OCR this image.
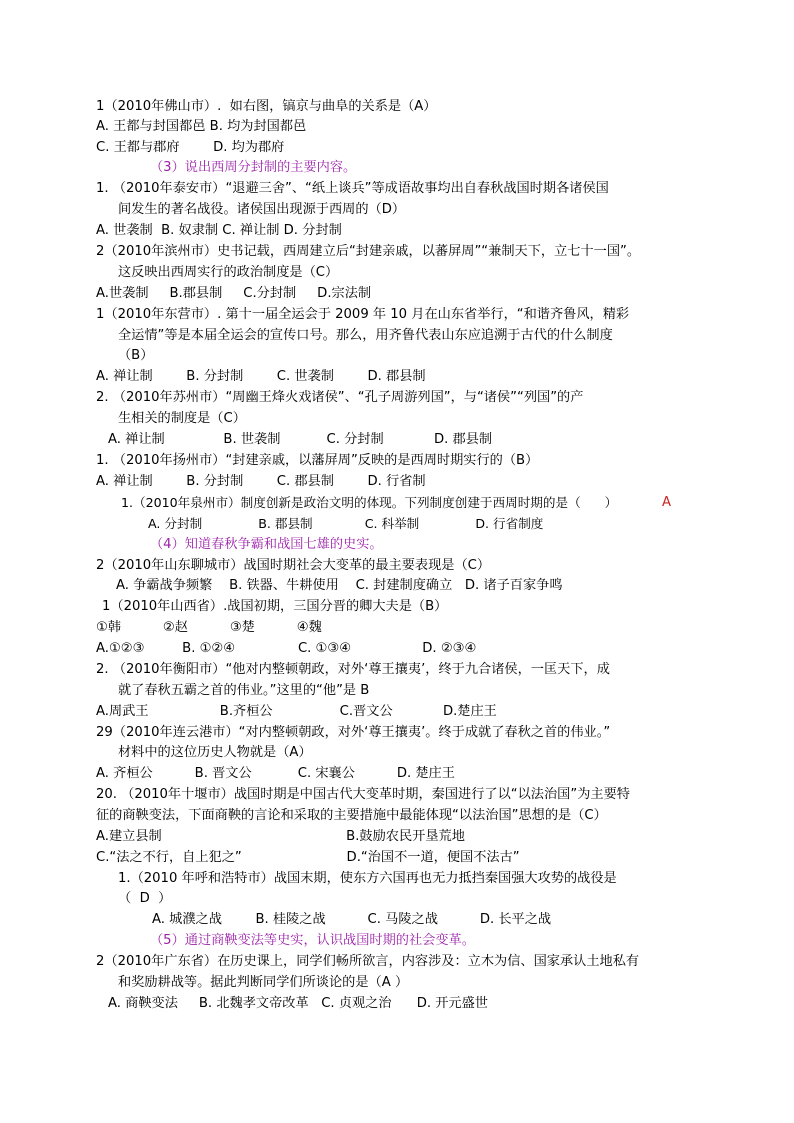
1（2010年佛山市）.  如右图，镐京与曲阜的关系是（A）
A. 王都与封国都邑 B. 均为封国都邑
C. 王都与郡府        D. 均为郡府
（3）说出西周分封制的主要内容。
1. （2010年泰安市）“退避三舍”、“纸上谈兵”等成语故事均出自春秋战国时期各诸侯国
间发生的著名战役。诸侯国出现源于西周的（D）
A. 世袭制  B. 奴隶制 C. 禅让制 D. 分封制
2（2010年滨州市）史书记载，西周建立后“封建亲戚，以蕃屏周”“兼制天下，立七十一国”。
这反映出西周实行的政治制度是（C）
A.世袭制     B.郡县制     C.分封制     D.宗法制
1（2010年东营市）. 第十一届全运会于 2009 年 10 月在山东省举行，“和谐齐鲁风，精彩
全运情”等是本届全运会的宣传口号。那么，用齐鲁代表山东应追溯于古代的什么制度
（B）
A. 禅让制        B. 分封制        C. 世袭制        D. 郡县制
2. （2010年苏州市）“周幽王烽火戏诸侯”、“孔子周游列国”，与“诸侯”“列国”的产
生相关的制度是（C）
A. 禅让制              B. 世袭制           C. 分封制            D. 郡县制
1. （2010年扬州市）“封建亲戚，以藩屏周”反映的是西周时期实行的（B）
A. 禅让制        B. 分封制        C. 郡县制        D. 行省制
1.（2010年泉州市）制度创新是政治文明的体现。下列制度创建于西周时期的是（      ）	A
A. 分封制              B. 郡县制             C. 科举制              D. 行省制度
（4）知道春秋争霸和战国七雄的史实。
2（2010年山东聊城市）战国时期社会大变革的最主要表现是（C）
A. 争霸战争频繁    B. 铁器、牛耕使用    C. 封建制度确立   D. 诸子百家争鸣
1（2010年山西省）.战国初期，三国分晋的卿大夫是（B）
①韩          ②赵          ③楚          ④魏
A.①②③         B. ①②④               C. ①③④                 D. ②③④
2. （2010年衡阳市）“他对内整顿朝政，对外‘尊王攘夷’，终于九合诸侯，一匡天下，成
就了春秋五霸之首的伟业。”这里的“他”是 B
A.周武王                 B.齐桓公                C.晋文公            D.楚庄王
29（2010年连云港市）“对内整顿朝政，对外‘尊王攘夷’。终于成就了春秋之首的伟业。”
材料中的这位历史人物就是（A）
A. 齐桓公          B. 晋文公           C. 宋襄公          D. 楚庄王
20. （2010年十堰市）战国时期是中国古代大变革时期，秦国进行了以“以法治国”为主要特
征的商鞅变法，下面商鞅的言论和采取的主要措施中最能体现“以法治国”思想的是（C）
A.建立县制                                            B.鼓励农民开垦荒地
C.“法之不行，自上犯之”                         D.“治国不一道，便国不法古”
1.（2010 年呼和浩特市）战国末期，使东方六国再也无力抵挡秦国强大攻势的战役是
（  D  ）
A. 城濮之战        B. 桂陵之战          C. 马陵之战          D. 长平之战
（5）通过商鞅变法等史实，认识战国时期的社会变革。
2（2010年广东省）在历史课上，同学们畅所欲言，内容涉及：立木为信、国家承认土地私有
和奖励耕战等。据此判断同学们所谈论的是（A ）
A. 商鞅变法     B. 北魏孝文帝改革   C. 贞观之治      D. 开元盛世
